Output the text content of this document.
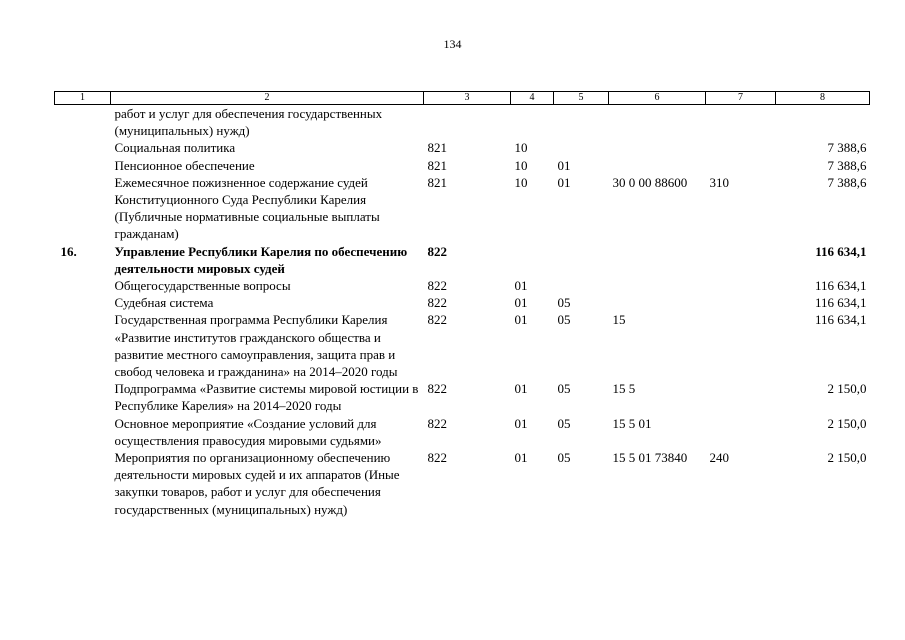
134
1	2	3	4	5	6	7	8
	работ и услуг для обеспечения государственных (муниципальных) нужд)						
	Социальная политика	821	10				7 388,6
	Пенсионное обеспечение	821	10	01			7 388,6
	Ежемесячное пожизненное содержание судей Конституционного Суда Республики Карелия (Публичные нормативные социальные выплаты гражданам)	821	10	01	30 0 00 88600	310	7 388,6
16.	Управление Республики Карелия по обеспечению деятельности мировых судей	822					116 634,1
	Общегосударственные вопросы	822	01				116 634,1
	Судебная система	822	01	05			116 634,1
	Государственная программа Республики Карелия «Развитие институтов гражданского общества и развитие местного самоуправления, защита прав и свобод человека и гражданина» на 2014–2020 годы	822	01	05	15		116 634,1
	Подпрограмма «Развитие системы мировой юстиции в Республике Карелия» на 2014–2020 годы	822	01	05	15 5		2 150,0
	Основное мероприятие «Создание условий для осуществления правосудия мировыми судьями»	822	01	05	15 5 01		2 150,0
	Мероприятия по организационному обеспечению деятельности мировых судей и их аппаратов (Иные закупки товаров, работ и услуг для обеспечения государственных (муниципальных) нужд)	822	01	05	15 5 01 73840	240	2 150,0
